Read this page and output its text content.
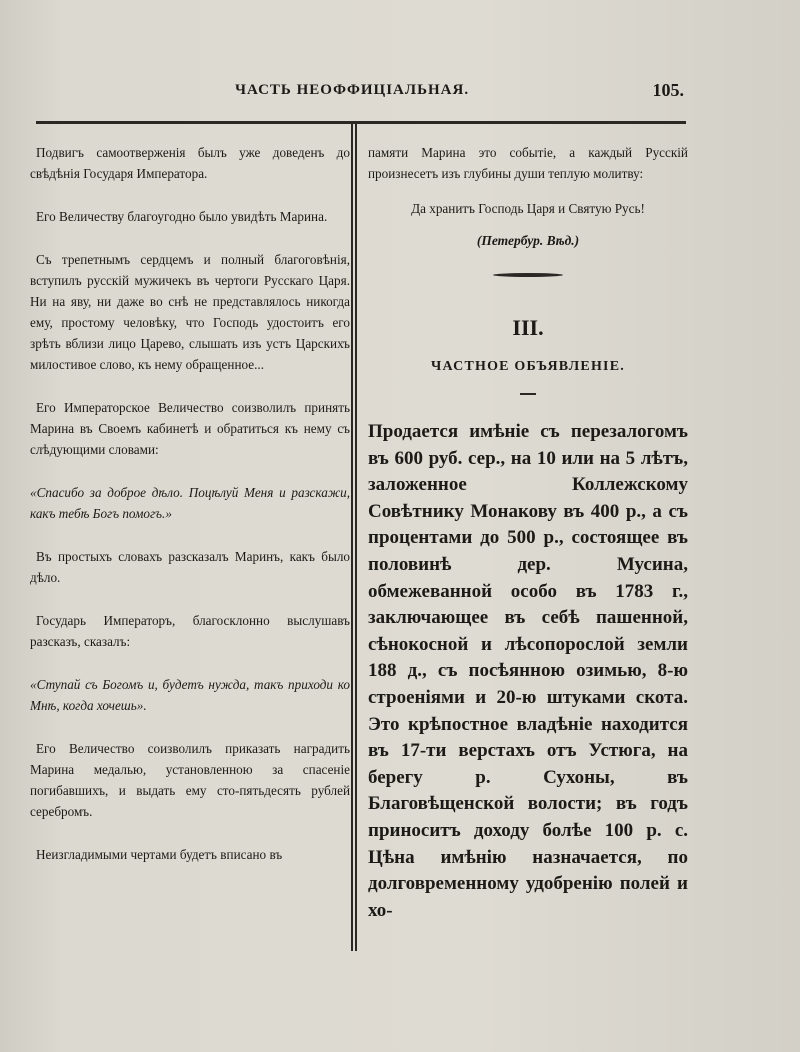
ЧАСТЬ НЕОФФИЦІАЛЬНАЯ.	105.

Подвигъ самоотверженія былъ уже доведенъ до свѣдѣнія Государя Императора.

Его Величеству благоугодно было увидѣть Марина.

Съ трепетнымъ сердцемъ и полный благоговѣнія, вступилъ русскій мужичекъ въ чертоги Русскаго Царя. Ни на яву, ни даже во снѣ не представлялось никогда ему, простому человѣку, что Господь удостоитъ его зрѣть вблизи лицо Царево, слышать изъ устъ Царскихъ милостивое слово, къ нему обращенное...

Его Императорское Величество соизволилъ принять Марина въ Своемъ кабинетѣ и обратиться къ нему съ слѣдующими словами:

«Спасибо за доброе дѣло. Поцѣлуй Меня и разскажи, какъ тебѣ Богъ помогъ.»

Въ простыхъ словахъ разсказалъ Маринъ, какъ было дѣло.

Государь Императоръ, благосклонно выслушавъ разсказъ, сказалъ:

«Ступай съ Богомъ и, будетъ нужда, такъ приходи ко Мнѣ, когда хочешь».

Его Величество соизволилъ приказать наградить Марина медалью, установленною за спасеніе погибавшихъ, и выдать ему сто-пятьдесять рублей серебромъ.

Неизгладимыми чертами будетъ вписано въ

памяти Марина это событіе, а каждый Русскій произнесетъ изъ глубины души теплую молитву:

Да хранитъ Господь Царя и Святую Русь!

(Петербур. Вѣд.)
III.
ЧАСТНОЕ ОБЪЯВЛЕНІЕ.

Продается имѣніе съ перезалогомъ въ 600 руб. сер., на 10 или на 5 лѣтъ, заложенное Коллежскому Совѣтнику Монакову въ 400 р., а съ процентами до 500 р., состоящее въ половинѣ дер. Мусина, обмежеванной особо въ 1783 г., заключающее въ себѣ пашенной, сѣнокосной и лѣсопорослой земли 188 д., съ посѣянною озимью, 8-ю строеніями и 20-ю штуками скота. Это крѣпостное владѣніе находится въ 17-ти верстахъ отъ Устюга, на берегу р. Сухоны, въ Благовѣщенской волости; въ годъ приноситъ доходу болѣе 100 р. с. Цѣна имѣнію назначается, по долговременному удобренію полей и хо-
